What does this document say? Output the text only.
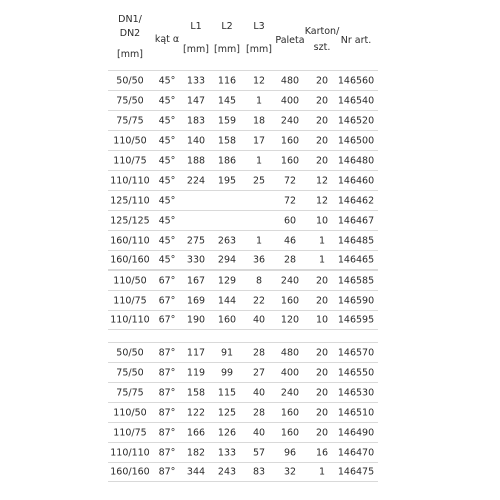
DN1/
DN2
[mm]
kąt α
L1
[mm]
L2
[mm]
L3
[mm]
Paleta
Karton/
szt.
Nr art.
50/50 45° 133 116 12 480 20 146560
75/50 45° 147 145 1 400 20 146540
75/75 45° 183 159 18 240 20 146520
110/50 45° 140 158 17 160 20 146500
110/75 45° 188 186 1 160 20 146480
110/110 45° 224 195 25 72 12 146460
125/110 45°	72 12 146462
125/125 45°	60 10 146467
160/110 45° 275 263 1 46 1 146485
160/160 45° 330 294 36 28 1 146465
110/50 67° 167 129 8 240 20 146585
110/75 67° 169 144 22 160 20 146590
110/110 67° 190 160 40 120 10 146595
50/50 87° 117 91 28 480 20 146570
75/50 87° 119 99 27 400 20 146550
75/75 87° 158 115 40 240 20 146530
110/50 87° 122 125 28 160 20 146510
110/75 87° 166 126 40 160 20 146490
110/110 87° 182 133 57 96 16 146470
160/160 87° 344 243 83 32 1 146475
